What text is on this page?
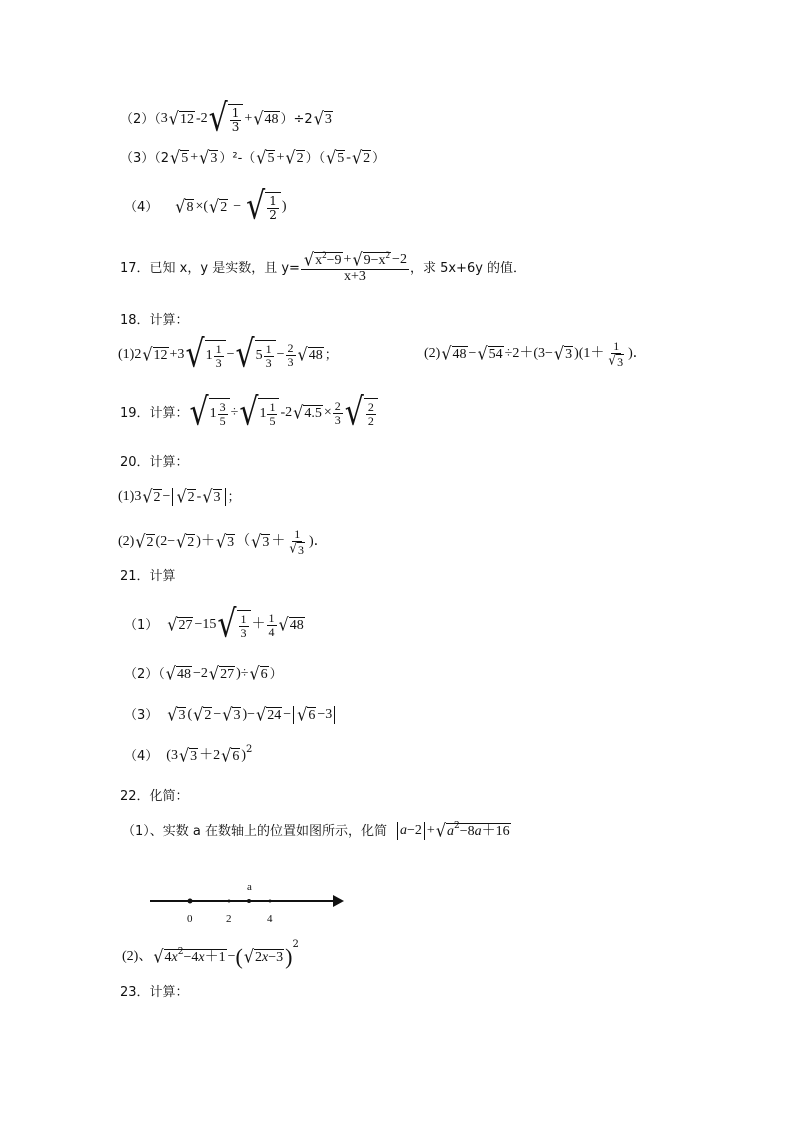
（2）（ 3 √ 12 -2 √ $\frac{1}{3}$ + √ 48 ）÷2 √ 3
（3）（2 √ 5 + √ 3 ）²-（ √ 5 + √ 2 ）（ √ 5 - √ 2 ）
（4） √ 8 ×( √ 2 − √ $\frac{1}{2}$ )
17．已知 x，y 是实数，且 $y= \frac{√ x 2 -9 + √ 9-x 2 -2}{x+3}$ ，求 5x+6y 的值．
18．计算：
(1)2 √ 12 +3 √ $1 \frac{1}{3}$ − √ $5 \frac{1}{3} - \frac{2}{3}$ √ 48 ；	(2) √ 48 − √ 54 ÷2＋(3− √ 3 )($1+ \frac{1}{√ 3}$ )．
19．计算： √ $1 \frac{3}{5}$ ÷ √ $1 \frac{1}{5} -2$ √ $4.5 \times \frac{2}{3}$ √ $\frac{2}{2}$
20．计算：
(1)3 √ 2 − √ 2 - √ 3 ；
(2) √ 2 (2− √ 2 )＋ √ 3 （ √ $3 + \frac{1}{√ 3}$ )．
21．计算
（1） √ 27 −15 √ $\frac{1}{3} + \frac{1}{4}$ √ 48
（2）（ √ 48 −2 √ 27 )÷ √ 6 ）
（3） √ 3 ( √ 2 − √ 3 )− √ 24 − √ 6 −3
（4） (3 √ 3 ＋2 √ 6 ) 2
22．化简：
（1）、实数 a 在数轴上的位置如图所示，化简 a −2 + √ a 2 −8 a ＋16
a
0	2	4
(2)、 √ 4 x 2 −4 x ＋1 − ( √ 2 x −3 ) 2
23．计算：
